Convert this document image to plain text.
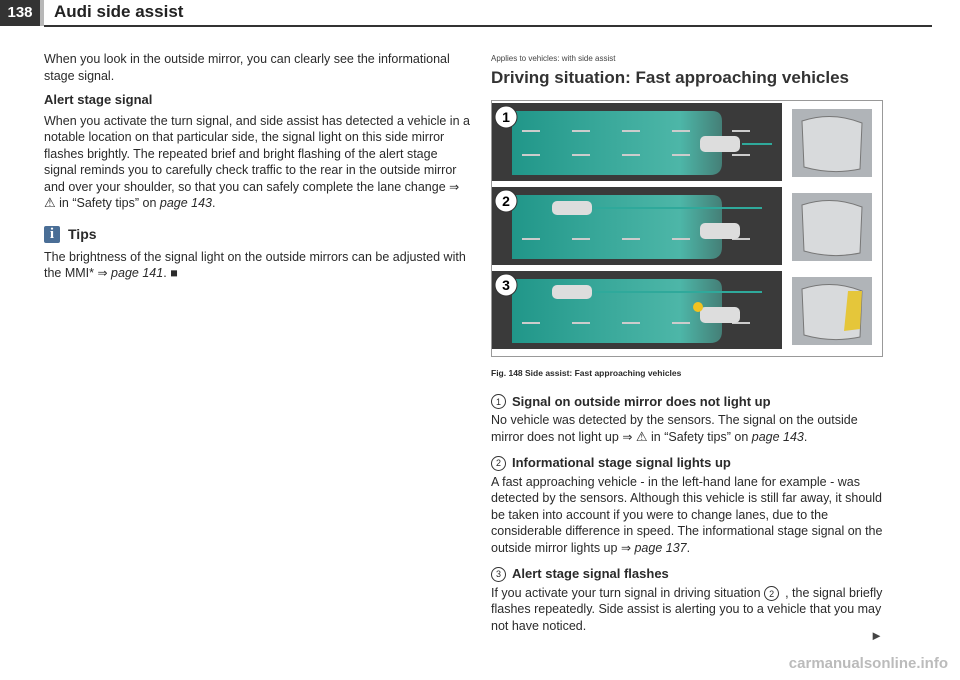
138	Audi side assist

When you look in the outside mirror, you can clearly see the informational stage signal.

Alert stage signal

When you activate the turn signal, and side assist has detected a vehicle in a notable location on that particular side, the signal light on this side mirror flashes brightly. The repeated brief and bright flashing of the alert stage signal reminds you to carefully check traffic to the rear in the outside mirror and over your shoulder, so that you can safely complete the lane change ⇒ ⚠ in “Safety tips” on page 143.

i Tips

The brightness of the signal light on the outside mirrors can be adjusted with the MMI* ⇒ page 141. ■

Applies to vehicles: with side assist
Driving situation: Fast approaching vehicles
1
2
3
Fig. 148 Side assist: Fast approaching vehicles
1 Signal on outside mirror does not light up

No vehicle was detected by the sensors. The signal on the outside mirror does not light up ⇒ ⚠ in “Safety tips” on page 143.

2 Informational stage signal lights up

A fast approaching vehicle - in the left-hand lane for example - was detected by the sensors. Although this vehicle is still far away, it should be taken into account if you were to change lanes, due to the considerable difference in speed. The informational stage signal on the outside mirror lights up ⇒ page 137.

3 Alert stage signal flashes

If you activate your turn signal in driving situation 2 , the signal briefly flashes repeatedly. Side assist is alerting you to a vehicle that you may not have noticed.

►
carmanualsonline.info
